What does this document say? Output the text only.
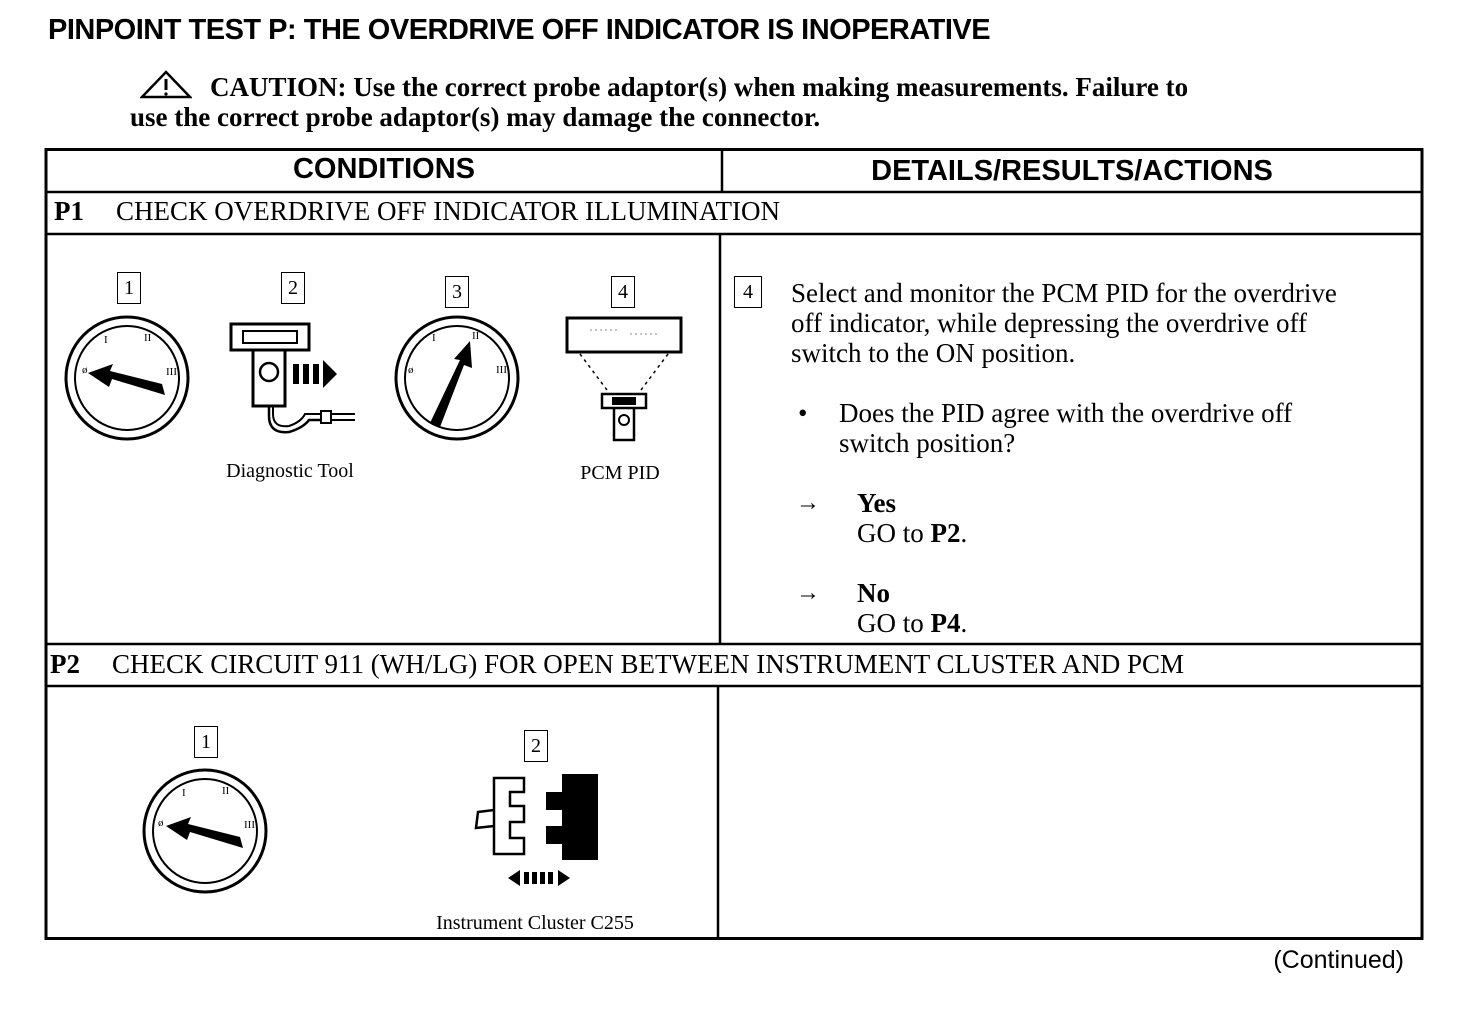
PINPOINT TEST P: THE OVERDRIVE OFF INDICATOR IS INOPERATIVE
CAUTION: Use the correct probe adaptor(s) when making measurements. Failure to
use the correct probe adaptor(s) may damage the connector.
CONDITIONS	DETAILS/RESULTS/ACTIONS
P1 CHECK OVERDRIVE OFF INDICATOR ILLUMINATION
1
ø
I	II
III
2
Diagnostic Tool
3
ø
I	II
III
4
PCM PID
4	Select and monitor the PCM PID for the overdrive
off indicator, while depressing the overdrive off
switch to the ON position.
• Does the PID agree with the overdrive off
switch position?
→ Yes
GO to P2.
→ No
GO to P4.
P2 CHECK CIRCUIT 911 (WH/LG) FOR OPEN BETWEEN INSTRUMENT CLUSTER AND PCM
1
ø
I	II
III
2
Instrument Cluster C255
(Continued)
